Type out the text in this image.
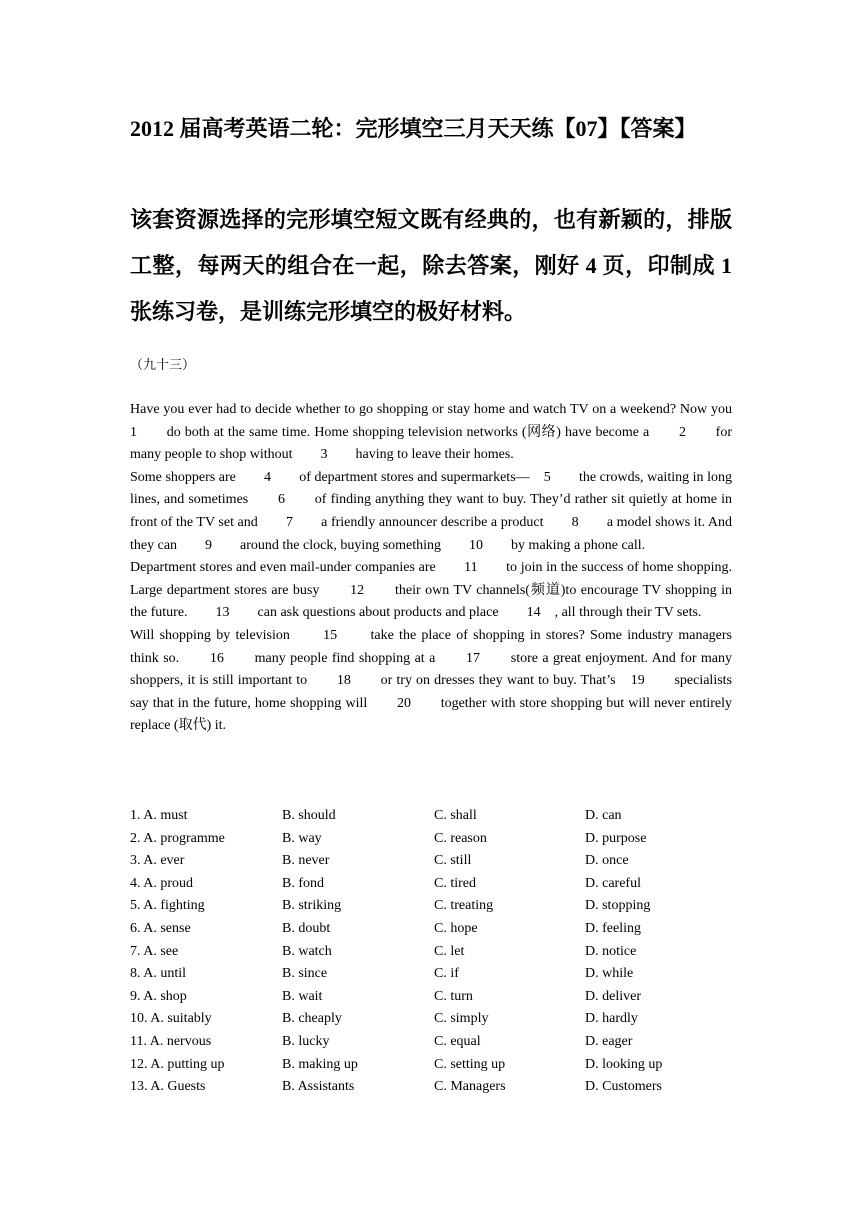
2012 届高考英语二轮：完形填空三月天天练【07】【答案】
该套资源选择的完形填空短文既有经典的，也有新颖的，排版工整，每两天的组合在一起，除去答案，刚好 4 页，印制成 1 张练习卷，是训练完形填空的极好材料。
（九十三）

Have you ever had to decide whether to go shopping or stay home and watch TV on a weekend? Now you　　1　　do both at the same time. Home shopping television networks (网络) have become a　　2　　for many people to shop without　　3　　having to leave their homes.

Some shoppers are　　4　　of department stores and supermarkets—　5　　the crowds, waiting in long lines, and sometimes　　6　　of finding anything they want to buy. They’d rather sit quietly at home in front of the TV set and　　7　　a friendly announcer describe a product　　8　　a model shows it. And they can　　9　　around the clock, buying something　　10　　by making a phone call.

Department stores and even mail-under companies are　　11　　to join in the success of home shopping. Large department stores are busy　　12　　their own TV channels(频道)to encourage TV shopping in the future.　　13　　can ask questions about products and place　　14　, all through their TV sets.

Will shopping by television　　15　　take the place of shopping in stores? Some industry managers think so.　　16　　many people find shopping at a　　17　　store a great enjoyment. And for many shoppers, it is still important to　　18　　or try on dresses they want to buy. That’s　19　　specialists say that in the future, home shopping will　　20　　together with store shopping but will never entirely replace (取代) it.

1. A. must	B. should	C. shall	D. can
2. A. programme	B. way	C. reason	D. purpose
3. A. ever	B. never	C. still	D. once
4. A. proud	B. fond	C. tired	D. careful
5. A. fighting	B. striking	C. treating	D. stopping
6. A. sense	B. doubt	C. hope	D. feeling
7. A. see	B. watch	C. let	D. notice
8. A. until	B. since	C. if	D. while
9. A. shop	B. wait	C. turn	D. deliver
10. A. suitably	B. cheaply	C. simply	D. hardly
11. A. nervous	B. lucky	C. equal	D. eager
12. A. putting up	B. making up	C. setting up	D. looking up
13. A. Guests	B. Assistants	C. Managers	D. Customers
